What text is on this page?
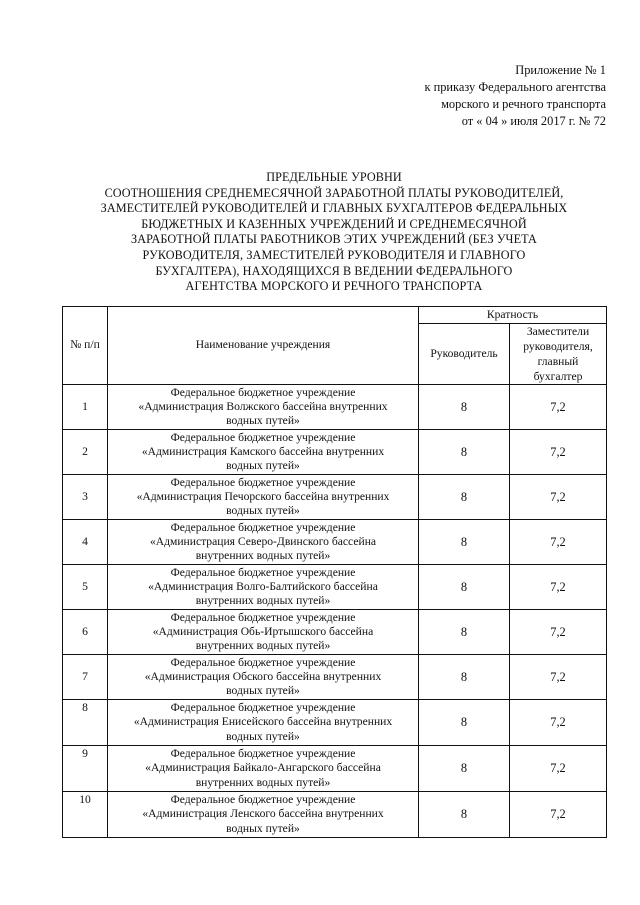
Приложение № 1
к приказу Федерального агентства
морского и речного транспорта
от « 04 » июля 2017 г. № 72
ПРЕДЕЛЬНЫЕ УРОВНИ
СООТНОШЕНИЯ СРЕДНЕМЕСЯЧНОЙ ЗАРАБОТНОЙ ПЛАТЫ РУКОВОДИТЕЛЕЙ,
ЗАМЕСТИТЕЛЕЙ РУКОВОДИТЕЛЕЙ И ГЛАВНЫХ БУХГАЛТЕРОВ ФЕДЕРАЛЬНЫХ
БЮДЖЕТНЫХ И КАЗЕННЫХ УЧРЕЖДЕНИЙ И СРЕДНЕМЕСЯЧНОЙ
ЗАРАБОТНОЙ ПЛАТЫ РАБОТНИКОВ ЭТИХ УЧРЕЖДЕНИЙ (БЕЗ УЧЕТА
РУКОВОДИТЕЛЯ, ЗАМЕСТИТЕЛЕЙ РУКОВОДИТЕЛЯ И ГЛАВНОГО
БУХГАЛТЕРА), НАХОДЯЩИХСЯ В ВЕДЕНИИ ФЕДЕРАЛЬНОГО
АГЕНТСТВА МОРСКОГО И РЕЧНОГО ТРАНСПОРТА
№ п/п	Наименование учреждения	Кратность	
		Руководитель	Заместители
руководителя,
главный
бухгалтер

1	Федеральное бюджетное учреждение
«Администрация Волжского бассейна внутренних
водных путей»	8	7,2
2	Федеральное бюджетное учреждение
«Администрация Камского бассейна внутренних
водных путей»	8	7,2
3	Федеральное бюджетное учреждение
«Администрация Печорского бассейна внутренних
водных путей»	8	7,2
4	Федеральное бюджетное учреждение
«Администрация Северо-Двинского бассейна
внутренних водных путей»	8	7,2
5	Федеральное бюджетное учреждение
«Администрация Волго-Балтийского бассейна
внутренних водных путей»	8	7,2
6	Федеральное бюджетное учреждение
«Администрация Обь-Иртышского бассейна
внутренних водных путей»	8	7,2
7	Федеральное бюджетное учреждение
«Администрация Обского бассейна внутренних
водных путей»	8	7,2
8	Федеральное бюджетное учреждение
«Администрация Енисейского бассейна внутренних
водных путей»	8	7,2
9	Федеральное бюджетное учреждение
«Администрация Байкало-Ангарского бассейна
внутренних водных путей»	8	7,2
10	Федеральное бюджетное учреждение
«Администрация Ленского бассейна внутренних
водных путей»	8	7,2
